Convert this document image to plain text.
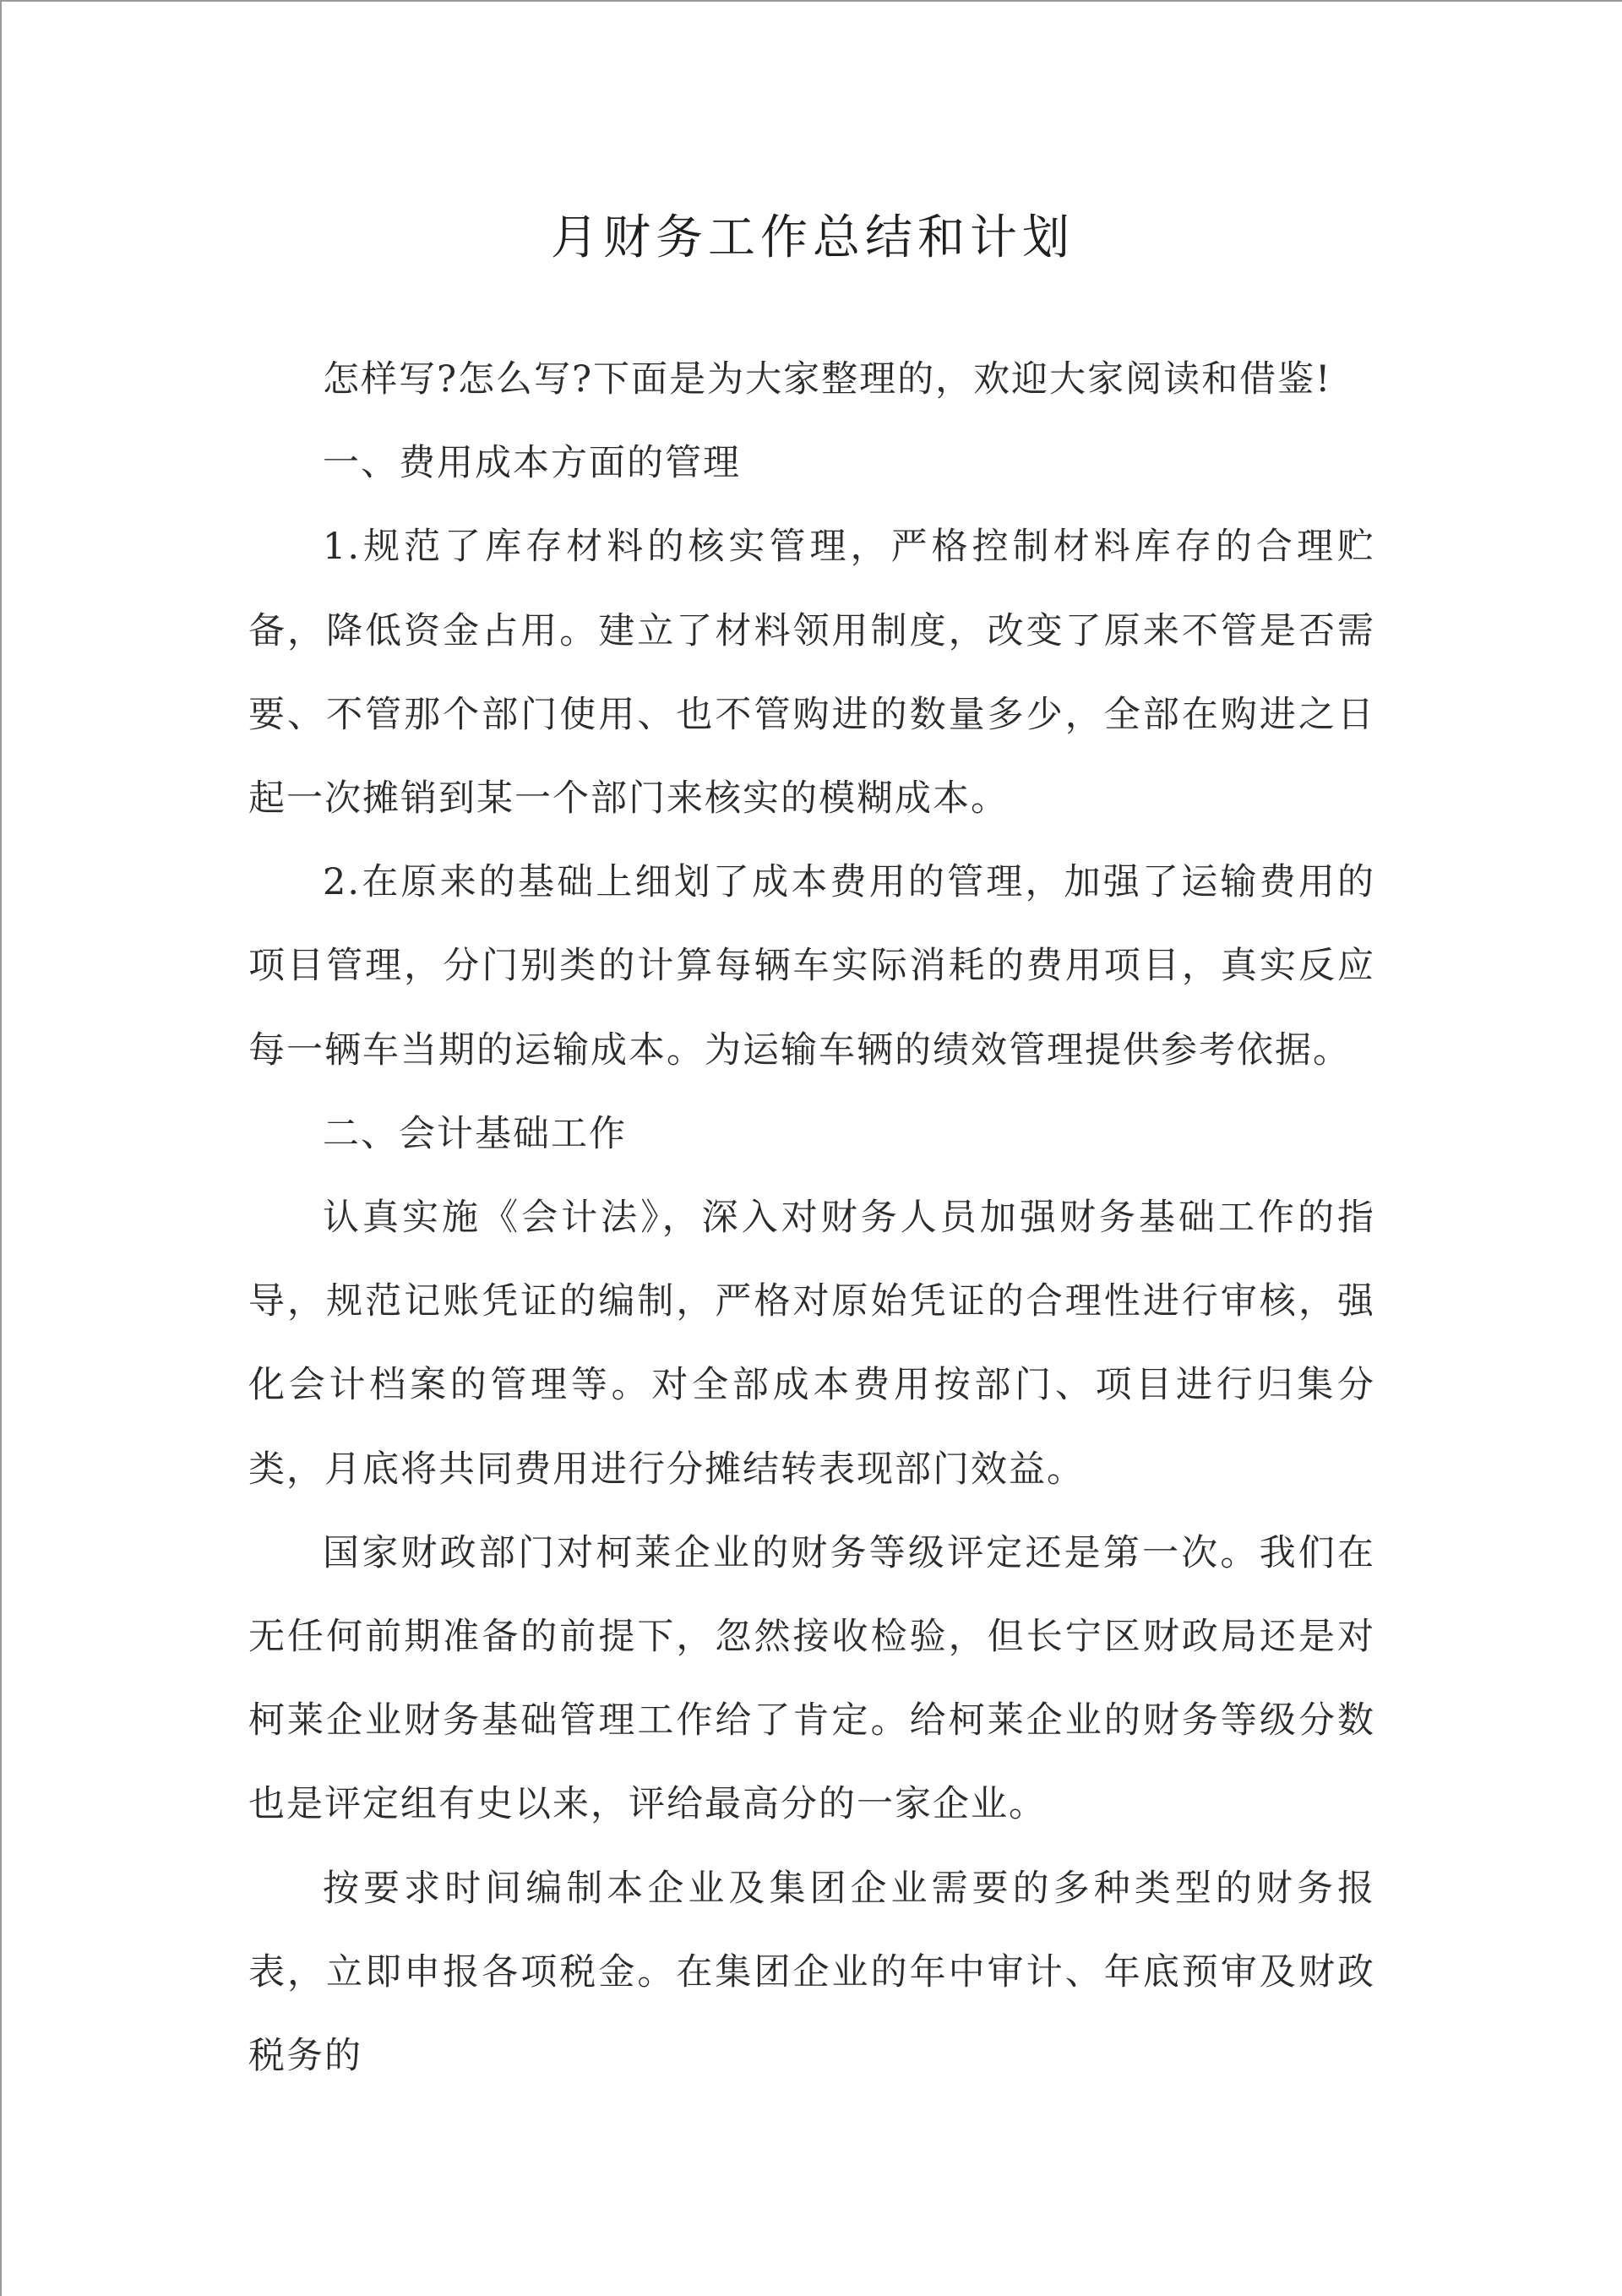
月财务工作总结和计划

怎样写?怎么写?下面是为大家整理的，欢迎大家阅读和借鉴!

一、费用成本方面的管理

1.规范了库存材料的核实管理，严格控制材料库存的合理贮备，降低资金占用。建立了材料领用制度，改变了原来不管是否需要、不管那个部门使用、也不管购进的数量多少，全部在购进之日起一次摊销到某一个部门来核实的模糊成本。

2.在原来的基础上细划了成本费用的管理，加强了运输费用的项目管理，分门别类的计算每辆车实际消耗的费用项目，真实反应每一辆车当期的运输成本。为运输车辆的绩效管理提供参考依据。

二、会计基础工作

认真实施《会计法》，深入对财务人员加强财务基础工作的指导，规范记账凭证的编制，严格对原始凭证的合理性进行审核，强化会计档案的管理等。对全部成本费用按部门、项目进行归集分类，月底将共同费用进行分摊结转表现部门效益。

国家财政部门对柯莱企业的财务等级评定还是第一次。我们在无任何前期准备的前提下，忽然接收检验，但长宁区财政局还是对柯莱企业财务基础管理工作给了肯定。给柯莱企业的财务等级分数也是评定组有史以来，评给最高分的一家企业。

按要求时间编制本企业及集团企业需要的多种类型的财务报表，立即申报各项税金。在集团企业的年中审计、年底预审及财政税务的
